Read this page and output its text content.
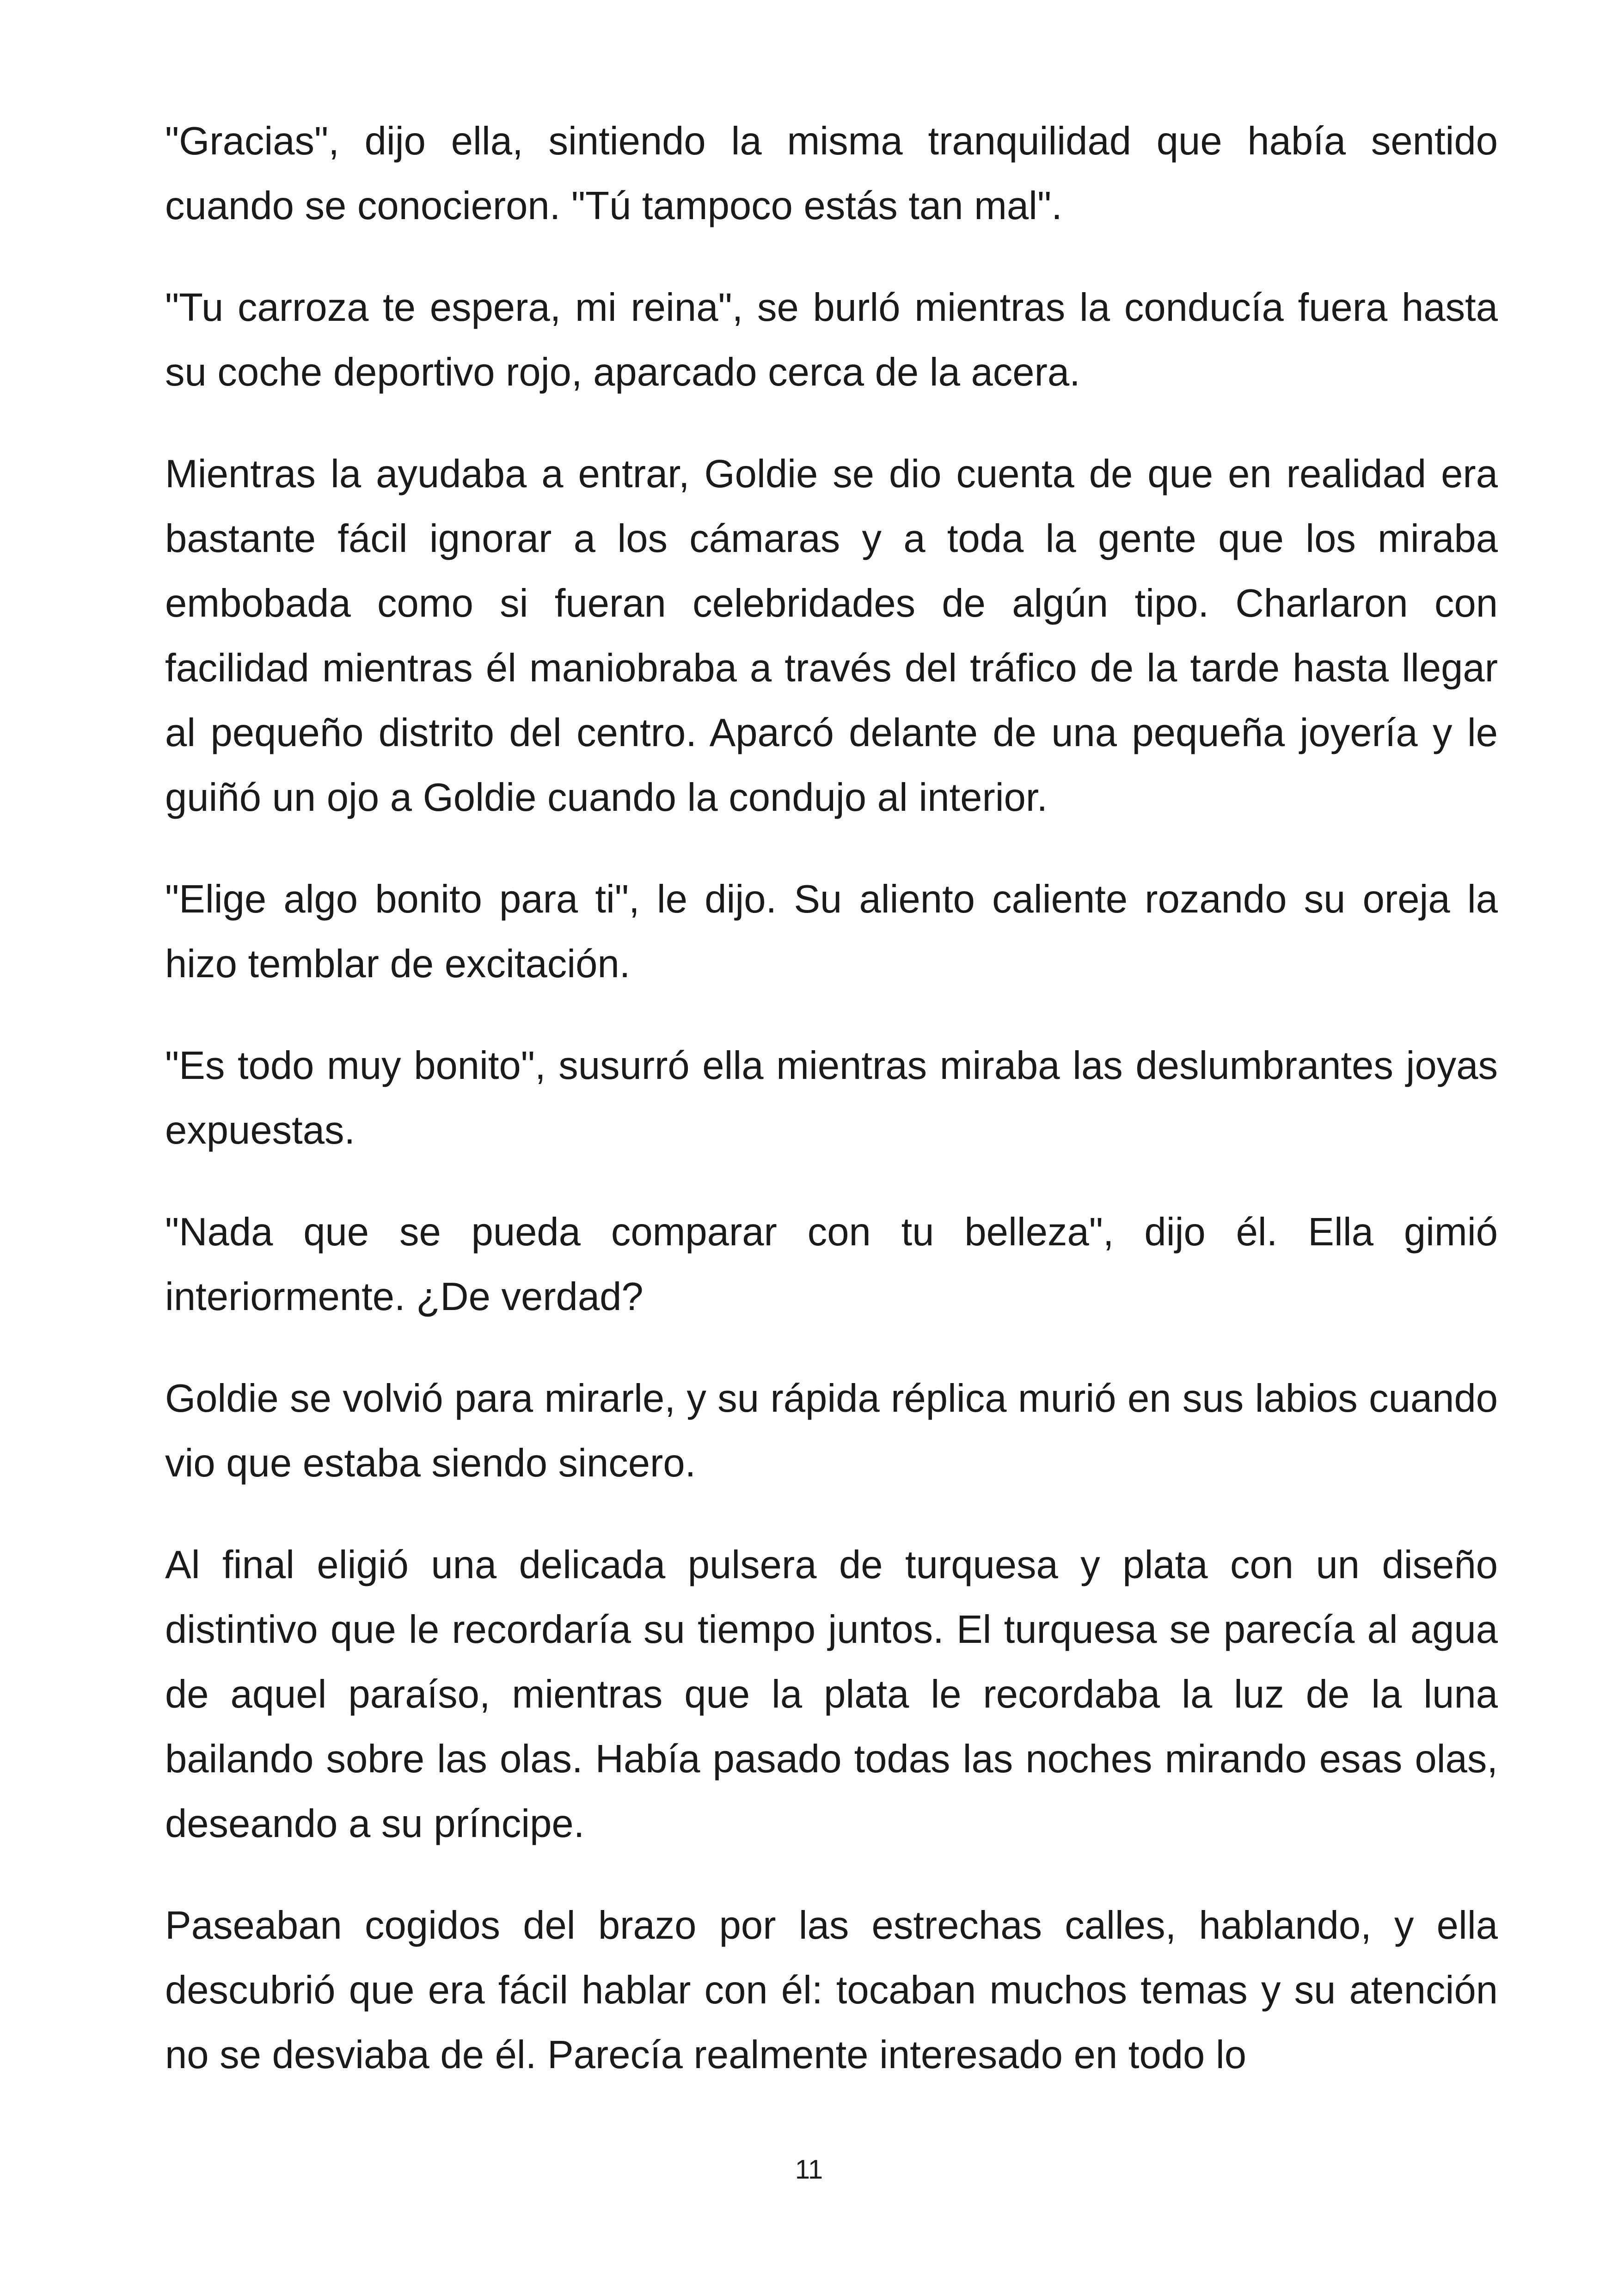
"Gracias", dijo ella, sintiendo la misma tranquilidad que había sentido cuando se conocieron. "Tú tampoco estás tan mal".

"Tu carroza te espera, mi reina", se burló mientras la conducía fuera hasta su coche deportivo rojo, aparcado cerca de la acera.

Mientras la ayudaba a entrar, Goldie se dio cuenta de que en realidad era bastante fácil ignorar a los cámaras y a toda la gente que los miraba embobada como si fueran celebridades de algún tipo. Charlaron con facilidad mientras él maniobraba a través del tráfico de la tarde hasta llegar al pequeño distrito del centro. Aparcó delante de una pequeña joyería y le guiñó un ojo a Goldie cuando la condujo al interior.

"Elige algo bonito para ti", le dijo. Su aliento caliente rozando su oreja la hizo temblar de excitación.

"Es todo muy bonito", susurró ella mientras miraba las deslumbrantes joyas expuestas.

"Nada que se pueda comparar con tu belleza", dijo él. Ella gimió interiormente. ¿De verdad?

Goldie se volvió para mirarle, y su rápida réplica murió en sus labios cuando vio que estaba siendo sincero.

Al final eligió una delicada pulsera de turquesa y plata con un diseño distintivo que le recordaría su tiempo juntos. El turquesa se parecía al agua de aquel paraíso, mientras que la plata le recordaba la luz de la luna bailando sobre las olas. Había pasado todas las noches mirando esas olas, deseando a su príncipe.

Paseaban cogidos del brazo por las estrechas calles, hablando, y ella descubrió que era fácil hablar con él: tocaban muchos temas y su atención no se desviaba de él. Parecía realmente interesado en todo lo

11
